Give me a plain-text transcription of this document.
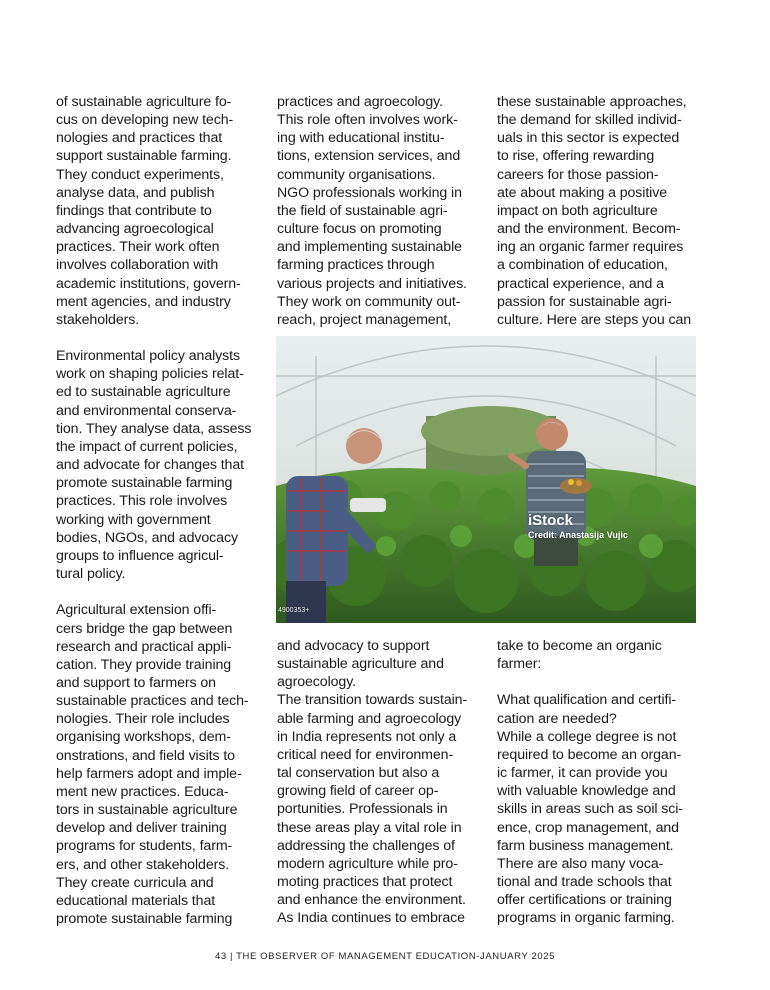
of sustainable agriculture fo-
cus on developing new tech-
nologies and practices that
support sustainable farming.
They conduct experiments,
analyse data, and publish
findings that contribute to
advancing agroecological
practices. Their work often
involves collaboration with
academic institutions, govern-
ment agencies, and industry
stakeholders.
Environmental policy analysts
work on shaping policies relat-
ed to sustainable agriculture
and environmental conserva-
tion. They analyse data, assess
the impact of current policies,
and advocate for changes that
promote sustainable farming
practices. This role involves
working with government
bodies, NGOs, and advocacy
groups to influence agricul-
tural policy.
Agricultural extension offi-
cers bridge the gap between
research and practical appli-
cation. They provide training
and support to farmers on
sustainable practices and tech-
nologies. Their role includes
organising workshops, dem-
onstrations, and field visits to
help farmers adopt and imple-
ment new practices. Educa-
tors in sustainable agriculture
develop and deliver training
programs for students, farm-
ers, and other stakeholders.
They create curricula and
educational materials that
promote sustainable farming
practices and agroecology.
This role often involves work-
ing with educational institu-
tions, extension services, and
community organisations.
NGO professionals working in
the field of sustainable agri-
culture focus on promoting
and implementing sustainable
farming practices through
various projects and initiatives.
They work on community out-
reach, project management,
these sustainable approaches,
the demand for skilled individ-
uals in this sector is expected
to rise, offering rewarding
careers for those passion-
ate about making a positive
impact on both agriculture
and the environment. Becom-
ing an organic farmer requires
a combination of education,
practical experience, and a
passion for sustainable agri-
culture. Here are steps you can
iStock
Credit: Anastasija Vujic
4900353+
and advocacy to support
sustainable agriculture and
agroecology.
The transition towards sustain-
able farming and agroecology
in India represents not only a
critical need for environmen-
tal conservation but also a
growing field of career op-
portunities. Professionals in
these areas play a vital role in
addressing the challenges of
modern agriculture while pro-
moting practices that protect
and enhance the environment.
As India continues to embrace
take to become an organic
farmer:
What qualification and certifi-
cation are needed?
While a college degree is not
required to become an organ-
ic farmer, it can provide you
with valuable knowledge and
skills in areas such as soil sci-
ence, crop management, and
farm business management.
There are also many voca-
tional and trade schools that
offer certifications or training
programs in organic farming.
43 | THE OBSERVER OF MANAGEMENT EDUCATION-JANUARY 2025
